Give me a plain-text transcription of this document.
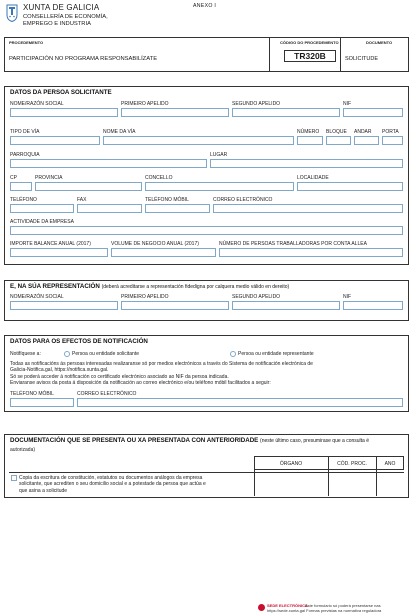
XUNTA DE GALICIA
CONSELLERÍA DE ECONOMÍA,
EMPREGO E INDUSTRIA
ANEXO I
PROCEDEMENTO
PARTICIPACIÓN NO PROGRAMA RESPONSABILÍZATE
CÓDIGO DO PROCEDEMENTO
TR320B
DOCUMENTO
SOLICITUDE
DATOS DA PERSOA SOLICITANTE
NOME/RAZÓN SOCIAL	PRIMEIRO APELIDO	SEGUNDO APELIDO	NIF
TIPO DE VÍA	NOME DA VÍA	NÚMERO BLOQUE ANDAR PORTA
PARROQUIA	LUGAR
CP	PROVINCIA	CONCELLO	LOCALIDADE
TELÉFONO	FAX	TELÉFONO MÓBIL	CORREO ELECTRÓNICO
ACTIVIDADE DA EMPRESA
IMPORTE BALANCE ANUAL (2017)	VOLUME DE NEGOCIO ANUAL (2017)	NÚMERO DE PERSOAS TRABALLADORAS POR CONTA ALLEA
E, NA SÚA REPRESENTACIÓN (deberá acreditarse a representación fidedigna por calquera medio válido en dereito)
NOME/RAZÓN SOCIAL	PRIMEIRO APELIDO	SEGUNDO APELIDO	NIF
DATOS PARA OS EFECTOS DE NOTIFICACIÓN
Notifíquese a:	Persoa ou entidade solicitante	Persoa ou entidade representante
Todas as notificacións ás persoas interesadas realizaranse só por medios electrónicos a través do Sistema de notificación electrónica de
Galicia-Notifica.gal, https://notifica.xunta.gal.
Só se poderá acceder á notificación co certificado electrónico asociado ao NIF da persoa indicada.
Enviaranse avisos da posta á disposición da notificación ao correo electrónico e/ou teléfono móbil facilitados a seguir:
TELÉFONO MÓBIL	CORREO ELECTRÓNICO
DOCUMENTACIÓN QUE SE PRESENTA OU XA PRESENTADA CON ANTERIORIDADE (neste último caso, presumirase que a consulta é
autorizada)
ÓRGANO	CÓD. PROC.	ANO
Copia da escritura de constitución, estatutos ou documentos análogos da empresa
solicitante, que acrediten o seu domicilio social e a potestade da persoa que actúa e
que asina a solicitude
SEDE ELECTRÓNICA
Este formulario só poderá presentarse nas
https://sede.xunta.gal Formas previstas na normativa reguladora
